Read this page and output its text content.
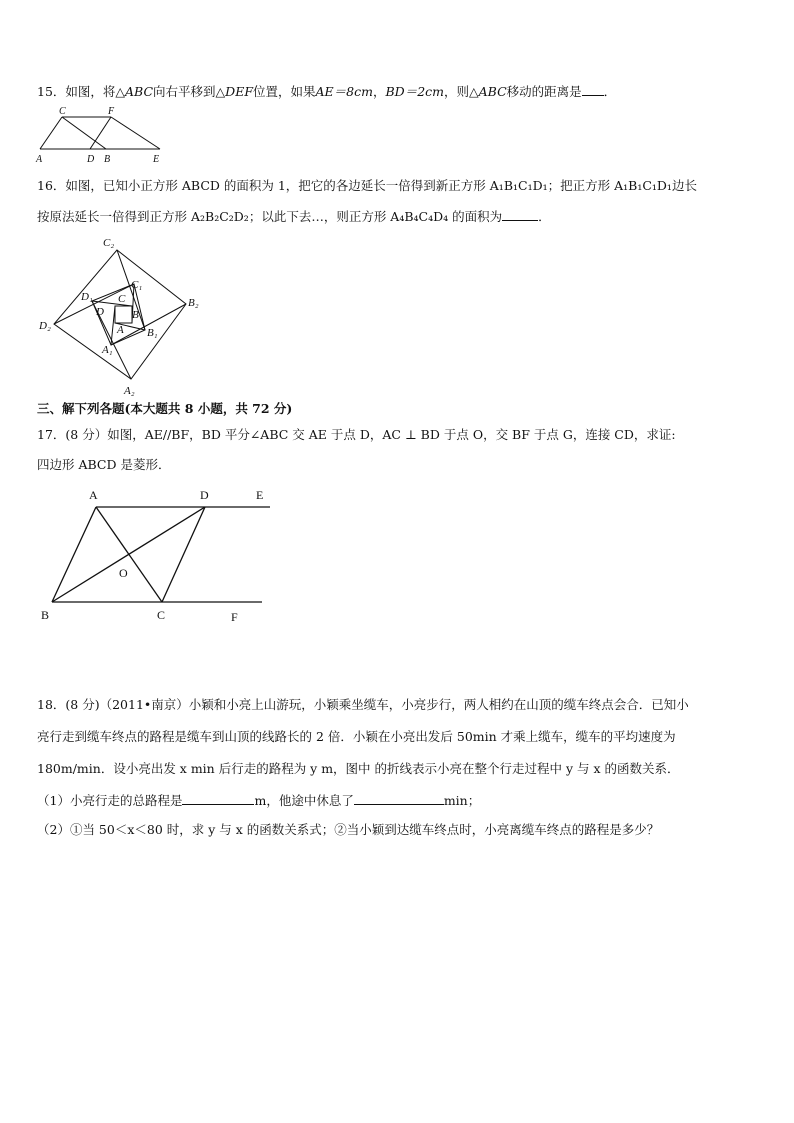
15．如图，将△ABC向右平移到△DEF位置，如果AE＝8cm，BD＝2cm，则△ABC移动的距离是 ．
C	F
A	D B	E
16．如图，已知小正方形 ABCD 的面积为 1，把它的各边延长一倍得到新正方形 A₁B₁C₁D₁；把正方形 A₁B₁C₁D₁边长
按原法延长一倍得到正方形 A₂B₂C₂D₂；以此下去…，则正方形 A₄B₄C₄D₄ 的面积为	．
C₂
C₁
D₁ C
D	B
A B₁
B₂
D₂
A₁
A₂
三、解下列各题(本大题共 8 小题，共 72 分)
17．(8 分）如图，AE//BF，BD 平分∠ABC 交 AE 于点 D，AC ⊥ BD 于点 O，交 BF 于点 G，连接 CD，求证:
四边形 ABCD 是菱形．
A	D	E
O
B	C	F
18．(8 分)（2011•南京）小颖和小亮上山游玩，小颖乘坐缆车，小亮步行，两人相约在山顶的缆车终点会合．已知小
亮行走到缆车终点的路程是缆车到山顶的线路长的 2 倍．小颖在小亮出发后 50min 才乘上缆车，缆车的平均速度为
180m/min．设小亮出发 x min 后行走的路程为 y m，图中 的折线表示小亮在整个行走过程中 y 与 x 的函数关系．
（1）小亮行走的总路程是	m，他途中休息了	min；
（2）①当 50＜x＜80 时，求 y 与 x 的函数关系式；②当小颖到达缆车终点时，小亮离缆车终点的路程是多少？
